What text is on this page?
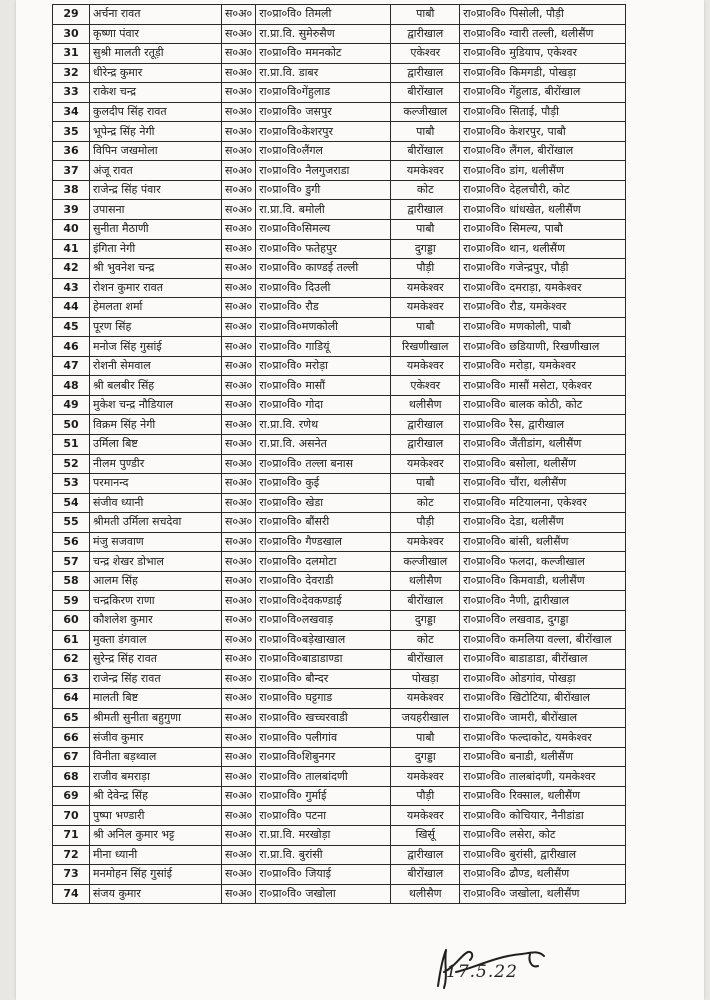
29	अर्चना रावत	स०अ०	रा०प्रा०वि० तिमली	पाबौ	रा०प्रा०वि० पिसोली, पौड़ी
30	कृष्णा पंवार	स०अ०	रा.प्रा.वि. सुमेरुसैण	द्वारीखाल	रा०प्रा०वि० ग्वारी तल्ली, थलीसैंण
31	सुश्री मालती रतूड़ी	स०अ०	रा०प्रा०वि० ममनकोट	एकेश्वर	रा०प्रा०वि० मुडियाप, एकेश्वर
32	धीरेन्द्र कुमार	स०अ०	रा.प्रा.वि. डाबर	द्वारीखाल	रा०प्रा०वि० किमगडी, पोखड़ा
33	राकेश चन्द्र	स०अ०	रा०प्रा०वि०गेंहुलाड	बीरोंखाल	रा०प्रा०वि० गेंहुलाड, बीरोंखाल
34	कुलदीप सिंह रावत	स०अ०	रा०प्रा०वि० जसपुर	कल्जीखाल	रा०प्रा०वि० सिताई, पौड़ी
35	भूपेन्द्र सिंह नेगी	स०अ०	रा०प्रा०वि०केशरपुर	पाबौ	रा०प्रा०वि० केशरपुर, पाबौ
36	विपिन जखमोला	स०अ०	रा०प्रा०वि०लैंगल	बीरोंखाल	रा०प्रा०वि० लैंगल, बीरोंखाल
37	अंजू रावत	स०अ०	रा०प्रा०वि० नैलगुजराडा	यमकेश्वर	रा०प्रा०वि० डांग, थलीसैंण
38	राजेन्द्र सिंह पंवार	स०अ०	रा०प्रा०वि० डुगी	कोट	रा०प्रा०वि० देहलचौरी, कोट
39	उपासना	स०अ०	रा.प्रा.वि. बमोली	द्वारीखाल	रा०प्रा०वि० धांधखेत, थलीसैंण
40	सुनीता मैठाणी	स०अ०	रा०प्रा०वि०सिमल्य	पाबौ	रा०प्रा०वि० सिमल्य, पाबौ
41	इंगिता नेगी	स०अ०	रा०प्रा०वि० फतेहपुर	दुगड्डा	रा०प्रा०वि० थान, थलीसैंण
42	श्री भुवनेश चन्द्र	स०अ०	रा०प्रा०वि० काण्डई तल्ली	पौड़ी	रा०प्रा०वि० गजेन्द्रपुर, पौड़ी
43	रोशन कुमार रावत	स०अ०	रा०प्रा०वि० दिउली	यमकेश्वर	रा०प्रा०वि० दमराड़ा, यमकेश्वर
44	हेमलता शर्मा	स०अ०	रा०प्रा०वि० रौड	यमकेश्वर	रा०प्रा०वि० रौड, यमकेश्वर
45	पूरण सिंह	स०अ०	रा०प्रा०वि०मणकोली	पाबौ	रा०प्रा०वि० मणकोली, पाबौ
46	मनोज सिंह गुसांई	स०अ०	रा०प्रा०वि० गाडियूं	रिखणीखाल	रा०प्रा०वि० छडियाणी, रिखणीखाल
47	रोशनी सेमवाल	स०अ०	रा०प्रा०वि० मरोड़ा	यमकेश्वर	रा०प्रा०वि० मरोड़ा, यमकेश्वर
48	श्री बलबीर सिंह	स०अ०	रा०प्रा०वि० मासौं	एकेश्वर	रा०प्रा०वि० मासौं मसेटा, एकेश्वर
49	मुकेश चन्द्र नौडियाल	स०अ०	रा०प्रा०वि० गोदा	थलीसैण	रा०प्रा०वि० बालक कोठी, कोट
50	विक्रम सिंह नेगी	स०अ०	रा.प्रा.वि. रणेथ	द्वारीखाल	रा०प्रा०वि० रैस, द्वारीखाल
51	उर्मिला बिष्ट	स०अ०	रा.प्रा.वि. असनेत	द्वारीखाल	रा०प्रा०वि० जैंतीडांग, थलीसैंण
52	नीलम पुण्डीर	स०अ०	रा०प्रा०वि० तल्ला बनास	यमकेश्वर	रा०प्रा०वि० बसोला, थलीसैंण
53	परमानन्द	स०अ०	रा०प्रा०वि० कुई	पाबौ	रा०प्रा०वि० चौंरा, थलीसैंण
54	संजीव ध्यानी	स०अ०	रा०प्रा०वि० खेडा	कोट	रा०प्रा०वि० मटियालना, एकेश्वर
55	श्रीमती उर्मिला सचदेवा	स०अ०	रा०प्रा०वि० बौंसरी	पौड़ी	रा०प्रा०वि० देडा, थलीसैंण
56	मंजु सजवाण	स०अ०	रा०प्रा०वि० गैण्डखाल	यमकेश्वर	रा०प्रा०वि० बांसी, थलीसैंण
57	चन्द्र शेखर डोभाल	स०अ०	रा०प्रा०वि० दलमोटा	कल्जीखाल	रा०प्रा०वि० फलदा, कल्जीखाल
58	आलम सिंह	स०अ०	रा०प्रा०वि० देवराडी	थलीसैण	रा०प्रा०वि० किमवाडी, थलीसैंण
59	चन्द्रकिरण राणा	स०अ०	रा०प्रा०वि०देवकण्डाई	बीरोंखाल	रा०प्रा०वि० नैणी, द्वारीखाल
60	कौशलेश कुमार	स०अ०	रा०प्रा०वि०लखवाड़	दुगड्डा	रा०प्रा०वि० लखवाड, दुगड्डा
61	मुक्ता डंगवाल	स०अ०	रा०प्रा०वि०बड़ेखाखाल	कोट	रा०प्रा०वि० कमलिया वल्ला, बीरोंखाल
62	सुरेन्द्र सिंह रावत	स०अ०	रा०प्रा०वि०बाडाडाण्डा	बीरोंखाल	रा०प्रा०वि० बाडाडाडा, बीरोंखाल
63	राजेन्द्र सिंह रावत	स०अ०	रा०प्रा०वि० बौन्दर	पोखड़ा	रा०प्रा०वि० ओडगांव, पोखड़ा
64	मालती बिष्ट	स०अ०	रा०प्रा०वि० घट्टगाड	यमकेश्वर	रा०प्रा०वि० खिटोटिया, बीरोंखाल
65	श्रीमती सुनीता बहुगुणा	स०अ०	रा०प्रा०वि० खच्चरवाडी	जयहरीखाल	रा०प्रा०वि० जामरी, बीरोंखाल
66	संजीव कुमार	स०अ०	रा०प्रा०वि० पलीगांव	पाबौ	रा०प्रा०वि० फल्दाकोट, यमकेश्वर
67	विनीता बड़थ्वाल	स०अ०	रा०प्रा०वि०शिबुनगर	दुगड्डा	रा०प्रा०वि० बनाडी, थलीसैंण
68	राजीव बमराड़ा	स०अ०	रा०प्रा०वि० तालबांदणी	यमकेश्वर	रा०प्रा०वि० तालबांदणी, यमकेश्वर
69	श्री देवेन्द्र सिंह	स०अ०	रा०प्रा०वि० गुर्माई	पौड़ी	रा०प्रा०वि० रिक्साल, थलीसैंण
70	पुष्पा भण्डारी	स०अ०	रा०प्रा०वि० पटना	यमकेश्वर	रा०प्रा०वि० कोचियार, नैनीडांडा
71	श्री अनिल कुमार भट्ट	स०अ०	रा.प्रा.वि. मरखोड़ा	खिर्सू	रा०प्रा०वि० लसेरा, कोट
72	मीना ध्यानी	स०अ०	रा.प्रा.वि. बुरांसी	द्वारीखाल	रा०प्रा०वि० बुरांसी, द्वारीखाल
73	मनमोहन सिंह गुसांई	स०अ०	रा०प्रा०वि० जियाई	बीरोंखाल	रा०प्रा०वि० ढौण्ड, थलीसैंण
74	संजय कुमार	स०अ०	रा०प्रा०वि० जखोला	थलीसैण	रा०प्रा०वि० जखोला, थलीसैंण
17.5.22
